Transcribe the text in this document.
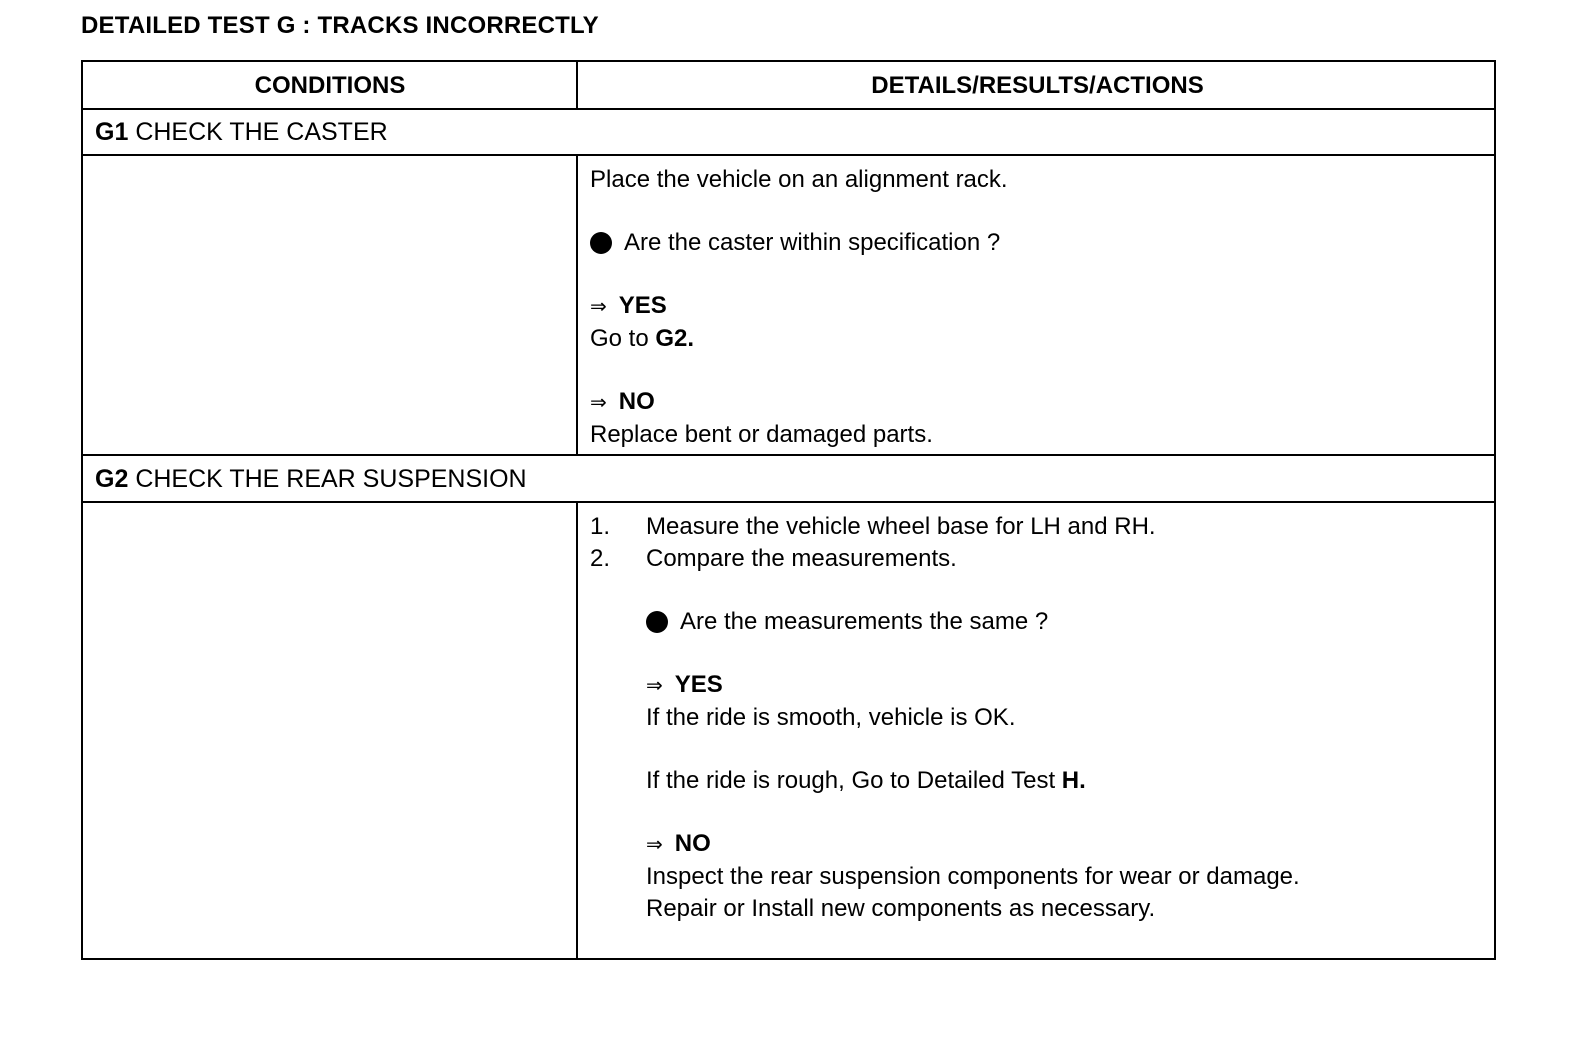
DETAILED TEST G : TRACKS INCORRECTLY
CONDITIONS	DETAILS/RESULTS/ACTIONS
G1 CHECK THE CASTER

Place the vehicle on an alignment rack.

Are the caster within specification ?

⇒ YES

Go to G2.

⇒ NO

Replace bent or damaged parts.

G2 CHECK THE REAR SUSPENSION

1. Measure the vehicle wheel base for LH and RH.

2. Compare the measurements.

Are the measurements the same ?

⇒ YES

If the ride is smooth, vehicle is OK.

If the ride is rough, Go to Detailed Test H.

⇒ NO

Inspect the rear suspension components for wear or damage.

Repair or Install new components as necessary.
